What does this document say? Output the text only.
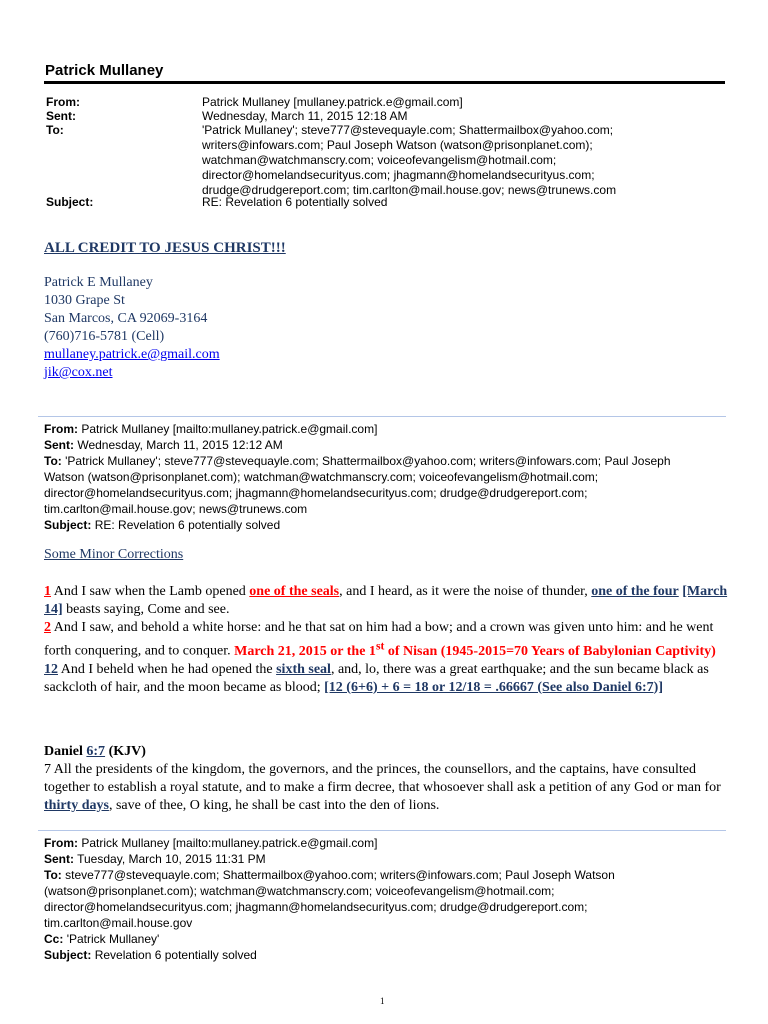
Patrick Mullaney
From:	Patrick Mullaney [mullaney.patrick.e@gmail.com]
Sent:	Wednesday, March 11, 2015 12:18 AM
To:	'Patrick Mullaney'; steve777@stevequayle.com; Shattermailbox@yahoo.com;
writers@infowars.com; Paul Joseph Watson (watson@prisonplanet.com);
watchman@watchmanscry.com; voiceofevangelism@hotmail.com;
director@homelandsecurityus.com; jhagmann@homelandsecurityus.com;
drudge@drudgereport.com; tim.carlton@mail.house.gov; news@trunews.com
Subject:	RE: Revelation 6 potentially solved
ALL CREDIT TO JESUS CHRIST!!!
Patrick E Mullaney
1030 Grape St
San Marcos, CA 92069-3164
(760)716-5781 (Cell)
mullaney.patrick.e@gmail.com
jik@cox.net
From: Patrick Mullaney [mailto:mullaney.patrick.e@gmail.com]
Sent: Wednesday, March 11, 2015 12:12 AM
To: 'Patrick Mullaney'; steve777@stevequayle.com; Shattermailbox@yahoo.com; writers@infowars.com; Paul Joseph
Watson (watson@prisonplanet.com); watchman@watchmanscry.com; voiceofevangelism@hotmail.com;
director@homelandsecurityus.com; jhagmann@homelandsecurityus.com; drudge@drudgereport.com;
tim.carlton@mail.house.gov; news@trunews.com
Subject: RE: Revelation 6 potentially solved
Some Minor Corrections
1 And I saw when the Lamb opened one of the seals, and I heard, as it were the noise of thunder, one of the four [March 14] beasts saying, Come and see.
2 And I saw, and behold a white horse: and he that sat on him had a bow; and a crown was given unto him: and he went forth conquering, and to conquer. March 21, 2015 or the 1st of Nisan (1945-2015=70 Years of Babylonian Captivity)
12 And I beheld when he had opened the sixth seal, and, lo, there was a great earthquake; and the sun became black as sackcloth of hair, and the moon became as blood; [12 (6+6) + 6 = 18 or 12/18 = .66667 (See also Daniel 6:7)]
Daniel 6:7 (KJV)
7 All the presidents of the kingdom, the governors, and the princes, the counsellors, and the captains, have consulted together to establish a royal statute, and to make a firm decree, that whosoever shall ask a petition of any God or man for thirty days, save of thee, O king, he shall be cast into the den of lions.
From: Patrick Mullaney [mailto:mullaney.patrick.e@gmail.com]
Sent: Tuesday, March 10, 2015 11:31 PM
To: steve777@stevequayle.com; Shattermailbox@yahoo.com; writers@infowars.com; Paul Joseph Watson
(watson@prisonplanet.com); watchman@watchmanscry.com; voiceofevangelism@hotmail.com;
director@homelandsecurityus.com; jhagmann@homelandsecurityus.com; drudge@drudgereport.com;
tim.carlton@mail.house.gov
Cc: 'Patrick Mullaney'
Subject: Revelation 6 potentially solved
1
